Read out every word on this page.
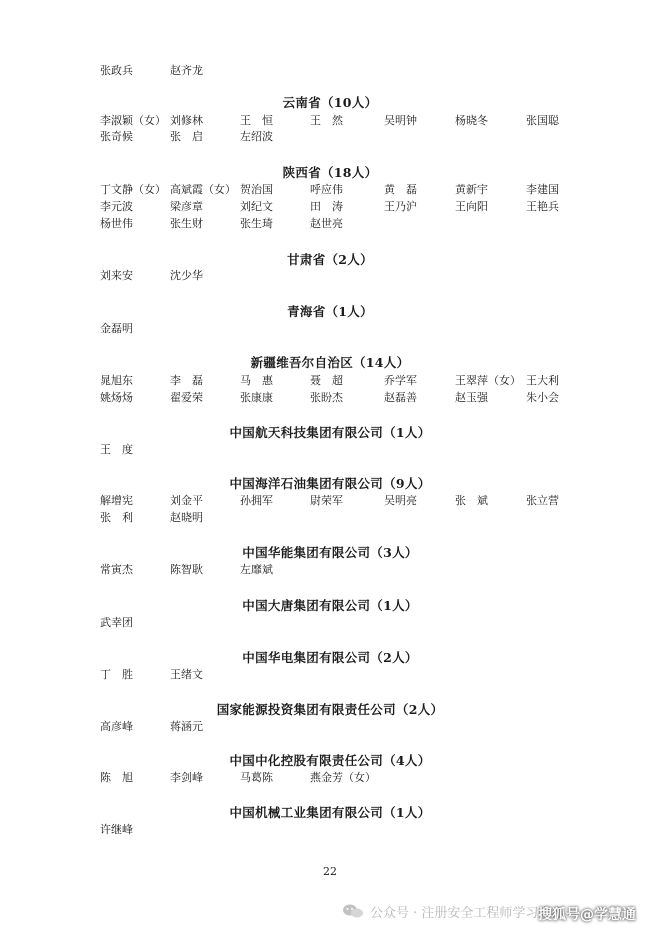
张政兵	赵齐龙
云南省（10人）
李淑颖（女） 刘修林	王　恒	王　然	吴明钟	杨晓冬	张国聪
张奇候	张　启	左绍波
陕西省（18人）
丁文静（女） 高斌霞（女） 贺治国	呼应伟	黄　磊	黄新宇	李建国
李元波	梁彦章	刘纪文	田　涛	王乃沪	王向阳	王艳兵
杨世伟	张生财	张生琦	赵世亮
甘肃省（2人）
刘来安	沈少华
青海省（1人）
金磊明
新疆维吾尔自治区（14人）
晁旭东	李　磊	马　惠	聂　超	乔学军	王翠萍（女） 王大利
姚炀炀	翟爱荣	张康康	张盼杰	赵磊善	赵玉强	朱小会
中国航天科技集团有限公司（1人）
王　度
中国海洋石油集团有限公司（9人）
解增宪	刘金平	孙拥军	尉荣军	吴明亮	张　斌	张立营
张　利	赵晓明
中国华能集团有限公司（3人）
常寅杰	陈智耿	左靡斌
中国大唐集团有限公司（1人）
武幸团
中国华电集团有限公司（2人）
丁　胜	王绪文
国家能源投资集团有限责任公司（2人）
高彦峰	蒋涵元
中国中化控股有限责任公司（4人）
陈　旭	李剑峰	马葛陈	燕金芳（女）
中国机械工业集团有限公司（1人）
许继峰
22
公众号 · 注册安全工程师学习中心
搜狐号@学慧通
